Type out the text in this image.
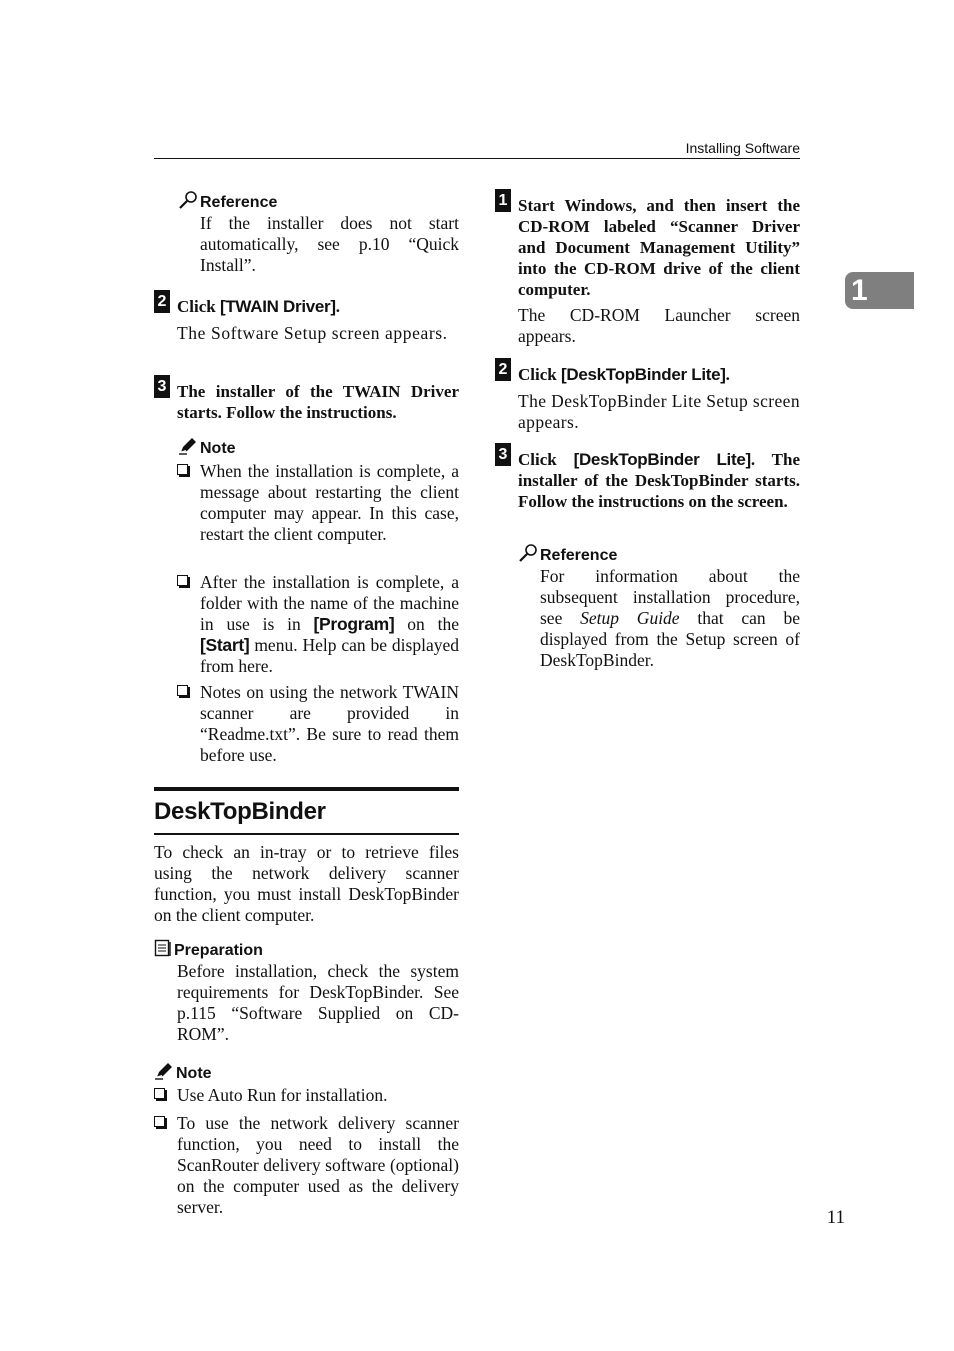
Installing Software
1
Reference
If the installer does not start automatically, see p.10 “Quick Install”.
2 Click [TWAIN Driver].
The Software Setup screen appears.
3 The installer of the TWAIN Driver starts. Follow the instructions.
Note
When the installation is complete, a message about restarting the client computer may appear. In this case, restart the client computer.
After the installation is complete, a folder with the name of the machine in use is in [Program] on the [Start] menu. Help can be displayed from here.
Notes on using the network TWAIN scanner are provided in “Readme.txt”. Be sure to read them before use.
DeskTopBinder
To check an in-tray or to retrieve files using the network delivery scanner function, you must install DeskTopBinder on the client computer.
Preparation
Before installation, check the system requirements for DeskTopBinder. See p.115 “Software Supplied on CD-ROM”.
Note
Use Auto Run for installation.
To use the network delivery scanner function, you need to install the ScanRouter delivery software (optional) on the computer used as the delivery server.
1 Start Windows, and then insert the CD-ROM labeled “Scanner Driver and Document Management Utility” into the CD-ROM drive of the client computer.
The CD-ROM Launcher screen appears.
2 Click [DeskTopBinder Lite].
The DeskTopBinder Lite Setup screen appears.
3 Click [DeskTopBinder Lite]. The installer of the DeskTopBinder starts. Follow the instructions on the screen.
Reference
For information about the subsequent installation procedure, see Setup Guide that can be displayed from the Setup screen of DeskTopBinder.
11
